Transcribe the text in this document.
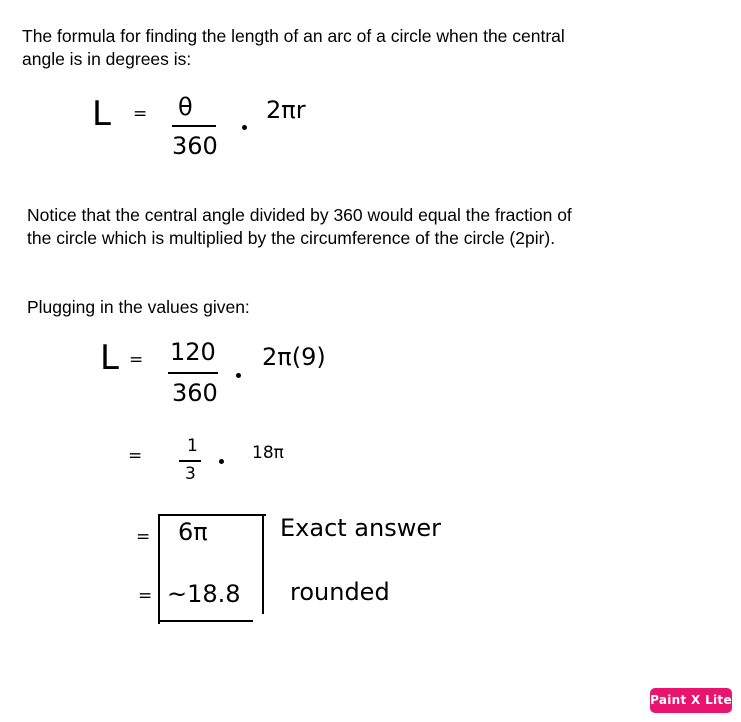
The formula for finding the length of an arc of a circle when the central angle is in degrees is:

Notice that the central angle divided by 360 would equal the fraction of the circle which is multiplied by the circumference of the circle (2pir).

Plugging in the values given:

L = θ
360
2πr
L = 120
360
2π(9)
=	1
3
18π
= 6π	Exact answer
= ~18.8 rounded
Paint X Lite
